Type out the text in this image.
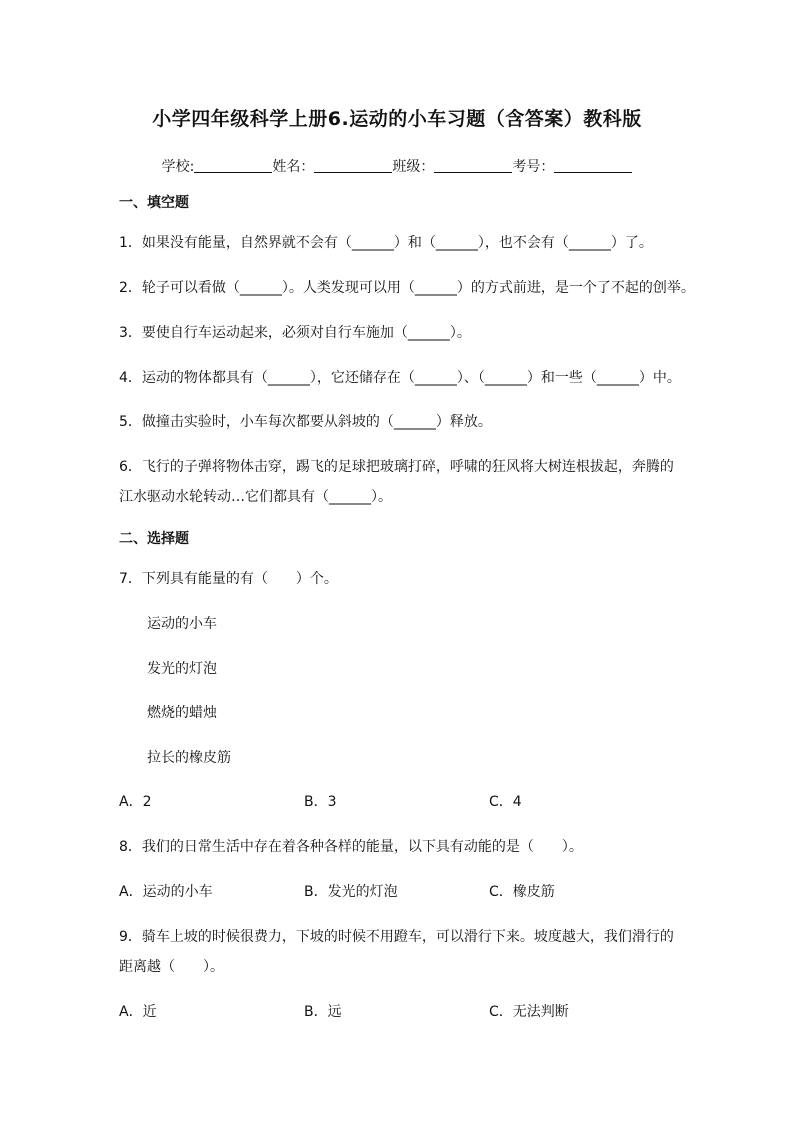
小学四年级科学上册6.运动的小车习题（含答案）教科版
学校:	姓名：	班级：	考号：
一、填空题
1．如果没有能量，自然界就不会有（______）和（______），也不会有（______）了。
2．轮子可以看做（______）。人类发现可以用（______）的方式前进，是一个了不起的创举。
3．要使自行车运动起来，必须对自行车施加（______）。
4．运动的物体都具有（______），它还储存在（______）、（______）和一些（______）中。
5．做撞击实验时，小车每次都要从斜坡的（______）释放。
6．飞行的子弹将物体击穿，踢飞的足球把玻璃打碎，呼啸的狂风将大树连根拔起，奔腾的
江水驱动水轮转动…它们都具有（______）。
二、选择题
7．下列具有能量的有（　　）个。
运动的小车
发光的灯泡
燃烧的蜡烛
拉长的橡皮筋
A．2	B．3	C．4
8．我们的日常生活中存在着各种各样的能量，以下具有动能的是（　　）。
A．运动的小车	B．发光的灯泡	C．橡皮筋
9．骑车上坡的时候很费力，下坡的时候不用蹬车，可以滑行下来。坡度越大，我们滑行的
距离越（　　）。
A．近	B．远	C．无法判断
